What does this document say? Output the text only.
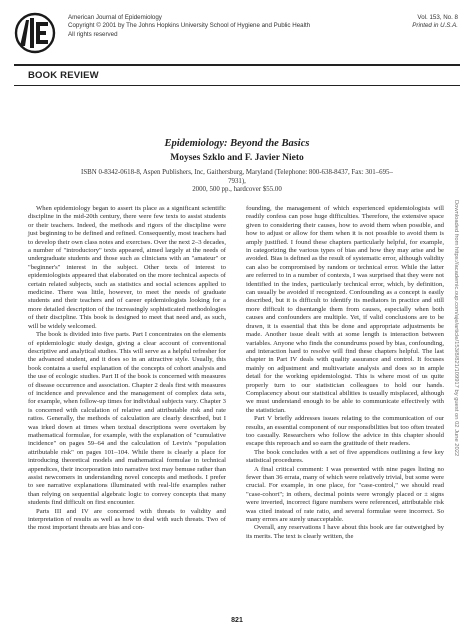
American Journal of Epidemiology
Copyright © 2001 by The Johns Hopkins University School of Hygiene and Public Health
All rights reserved
Vol. 153, No. 8
Printed in U.S.A.
BOOK REVIEW
Epidemiology: Beyond the Basics
Moyses Szklo and F. Javier Nieto
ISBN 0-8342-0618-8, Aspen Publishers, Inc, Gaithersburg, Maryland (Telephone: 800-638-8437, Fax: 301–695–7931),
2000, 500 pp., hardcover $55.00

When epidemiology began to assert its place as a significant scientific discipline in the mid-20th century, there were few texts to assist students or their teachers. Indeed, the methods and rigors of the discipline were just beginning to be defined and refined. Consequently, most teachers had to develop their own class notes and exercises. Over the next 2–3 decades, a number of "introductory" texts appeared, aimed largely at the needs of undergraduate students and those such as clinicians with an "amateur" or "beginner's" interest in the subject. Other texts of interest to epidemiologists appeared that elaborated on the more technical aspects of certain related subjects, such as statistics and social sciences applied to medicine. There was little, however, to meet the needs of graduate students and their teachers and of career epidemiologists looking for a more detailed description of the increasingly sophisticated methodologies of their discipline. This book is designed to meet that need and, as such, will be widely welcomed.

The book is divided into five parts. Part I concentrates on the elements of epidemiologic study design, giving a clear account of conventional descriptive and analytical studies. This will serve as a helpful refresher for the advanced student, and it does so in an attractive style. Usually, this book contains a useful explanation of the concepts of cohort analysis and the use of ecologic studies. Part II of the book is concerned with measures of disease occurrence and association. Chapter 2 deals first with measures of incidence and prevalence and the management of complex data sets, for example, when follow-up times for individual subjects vary. Chapter 3 is concerned with calculation of relative and attributable risk and rate ratios. Generally, the methods of calculation are clearly described, but I was irked down at times when textual descriptions were overtaken by mathematical formulae, for example, with the explanation of "cumulative incidence" on pages 59–64 and the calculation of Levin's "population attributable risk" on pages 101–104. While there is clearly a place for introducing theoretical models and mathematical formulae in technical appendices, their incorporation into narrative text may bemuse rather than assist newcomers in understanding novel concepts and methods. I prefer to see narrative explanations illuminated with real-life examples rather than relying on sequential algebraic logic to convey concepts that many students find difficult on first encounter.

Parts III and IV are concerned with threats to validity and interpretation of results as well as how to deal with such threats. Two of the most important threats are bias and con-

founding, the management of which experienced epidemiologists will readily confess can pose huge difficulties. Therefore, the extensive space given to considering their causes, how to avoid them when possible, and how to adjust or allow for them when it is not possible to avoid them is amply justified. I found these chapters particularly helpful, for example, in categorizing the various types of bias and how they may arise and be avoided. Bias is defined as the result of systematic error, although validity can also be compromised by random or technical error. While the latter are referred to in a number of contexts, I was surprised that they were not identified in the index, particularly technical error, which, by definition, can usually be avoided if recognized. Confounding as a concept is easily described, but it is difficult to identify its mediators in practice and still more difficult to disentangle them from causes, especially when both causes and confounders are multiple. Yet, if valid conclusions are to be drawn, it is essential that this be done and appropriate adjustments be made. Another issue dealt with at some length is interaction between variables. Anyone who finds the conundrums posed by bias, confounding, and interaction hard to resolve will find these chapters helpful. The last chapter in Part IV deals with quality assurance and control. It focuses mainly on adjustment and multivariate analysis and does so in ample detail for the working epidemiologist. This is where most of us quite properly turn to our statistician colleagues to hold our hands. Complacency about our statistical abilities is usually misplaced, although we must understand enough to be able to communicate effectively with the statistician.

Part V briefly addresses issues relating to the communication of our results, an essential component of our responsibilities but too often treated too casually. Researchers who follow the advice in this chapter should escape this reproach and so earn the gratitude of their readers.

The book concludes with a set of five appendices outlining a few key statistical procedures.

A final critical comment: I was presented with nine pages listing no fewer than 36 errata, many of which were relatively trivial, but some were crucial. For example, in one place, for "case-control," we should read "case-cohort"; in others, decimal points were wrongly placed or ± signs were inverted, incorrect figure numbers were referenced, attributable risk was cited instead of rate ratio, and several formulae were incorrect. So many errors are surely unacceptable.

Overall, any reservations I have about this book are far outweighed by its merits. The text is clearly written, the

Downloaded from https://academic.oup.com/aje/article/153/8/821/109917 by guest on 02 June 2022
821
